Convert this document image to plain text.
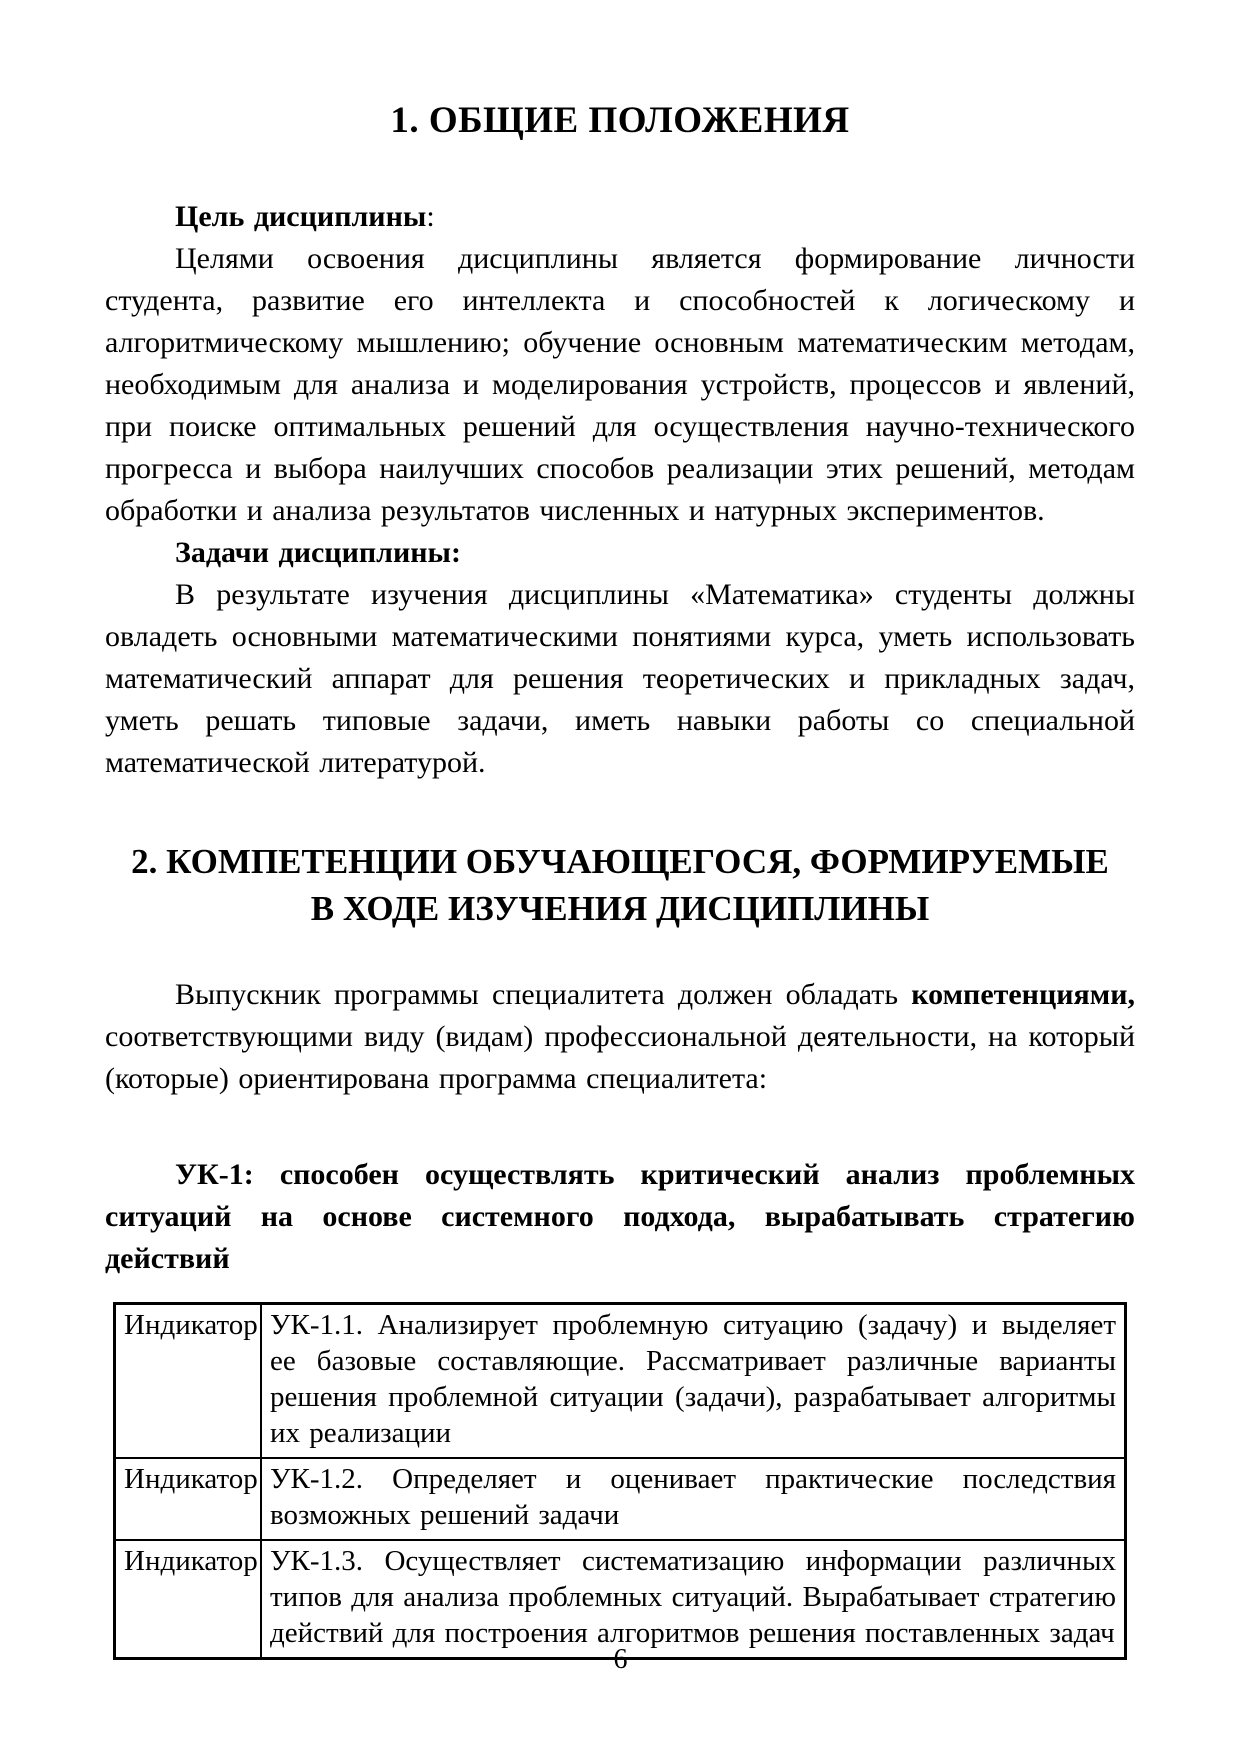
1. ОБЩИЕ ПОЛОЖЕНИЯ

Цель дисциплины:

Целями освоения дисциплины является формирование личности студента, развитие его интеллекта и способностей к логическому и алгоритмическому мышлению; обучение основным математическим методам, необходимым для анализа и моделирования устройств, процессов и явлений, при поиске оптимальных решений для осуществления научно-технического прогресса и выбора наилучших способов реализации этих решений, методам обработки и анализа результатов численных и натурных экспериментов.

Задачи дисциплины:

В результате изучения дисциплины «Математика» студенты должны овладеть основными математическими понятиями курса, уметь использовать математический аппарат для решения теоретических и прикладных задач, уметь решать типовые задачи, иметь навыки работы со специальной математической литературой.

2. КОМПЕТЕНЦИИ ОБУЧАЮЩЕГОСЯ, ФОРМИРУЕМЫЕ
В ХОДЕ ИЗУЧЕНИЯ ДИСЦИПЛИНЫ

Выпускник программы специалитета должен обладать компетенциями, соответствующими виду (видам) профессиональной деятельности, на который (которые) ориентирована программа специалитета:

УК-1: способен осуществлять критический анализ проблемных ситуаций на основе системного подхода, вырабатывать стратегию действий

Индикатор	УК-1.1. Анализирует проблемную ситуацию (задачу) и выделяет ее базовые составляющие. Рассматривает различные варианты решения проблемной ситуации (задачи), разрабатывает алгоритмы их реализации
Индикатор	УК-1.2. Определяет и оценивает практические последствия возможных решений задачи
Индикатор	УК-1.3. Осуществляет систематизацию информации различных типов для анализа проблемных ситуаций. Вырабатывает стратегию действий для построения алгоритмов решения поставленных задач
6
